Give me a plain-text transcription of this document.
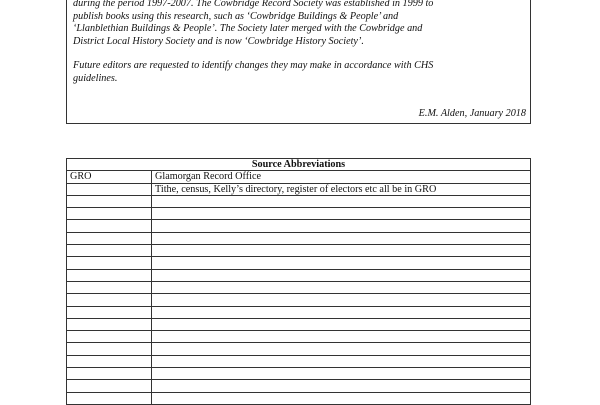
during the period 1997-2007. The Cowbridge Record Society was established in 1999 to
publish books using this research, such as ‘Cowbridge Buildings & People’ and
‘Llanblethian Buildings & People’. The Society later merged with the Cowbridge and
District Local History Society and is now ‘Cowbridge History Society’.

Future editors are requested to identify changes they may make in accordance with CHS
guidelines.

E.M. Alden, January 2018
Source Abbreviations	
GRO	Glamorgan Record Office
	Tithe, census, Kelly’s directory, register of electors etc all be in GRO
